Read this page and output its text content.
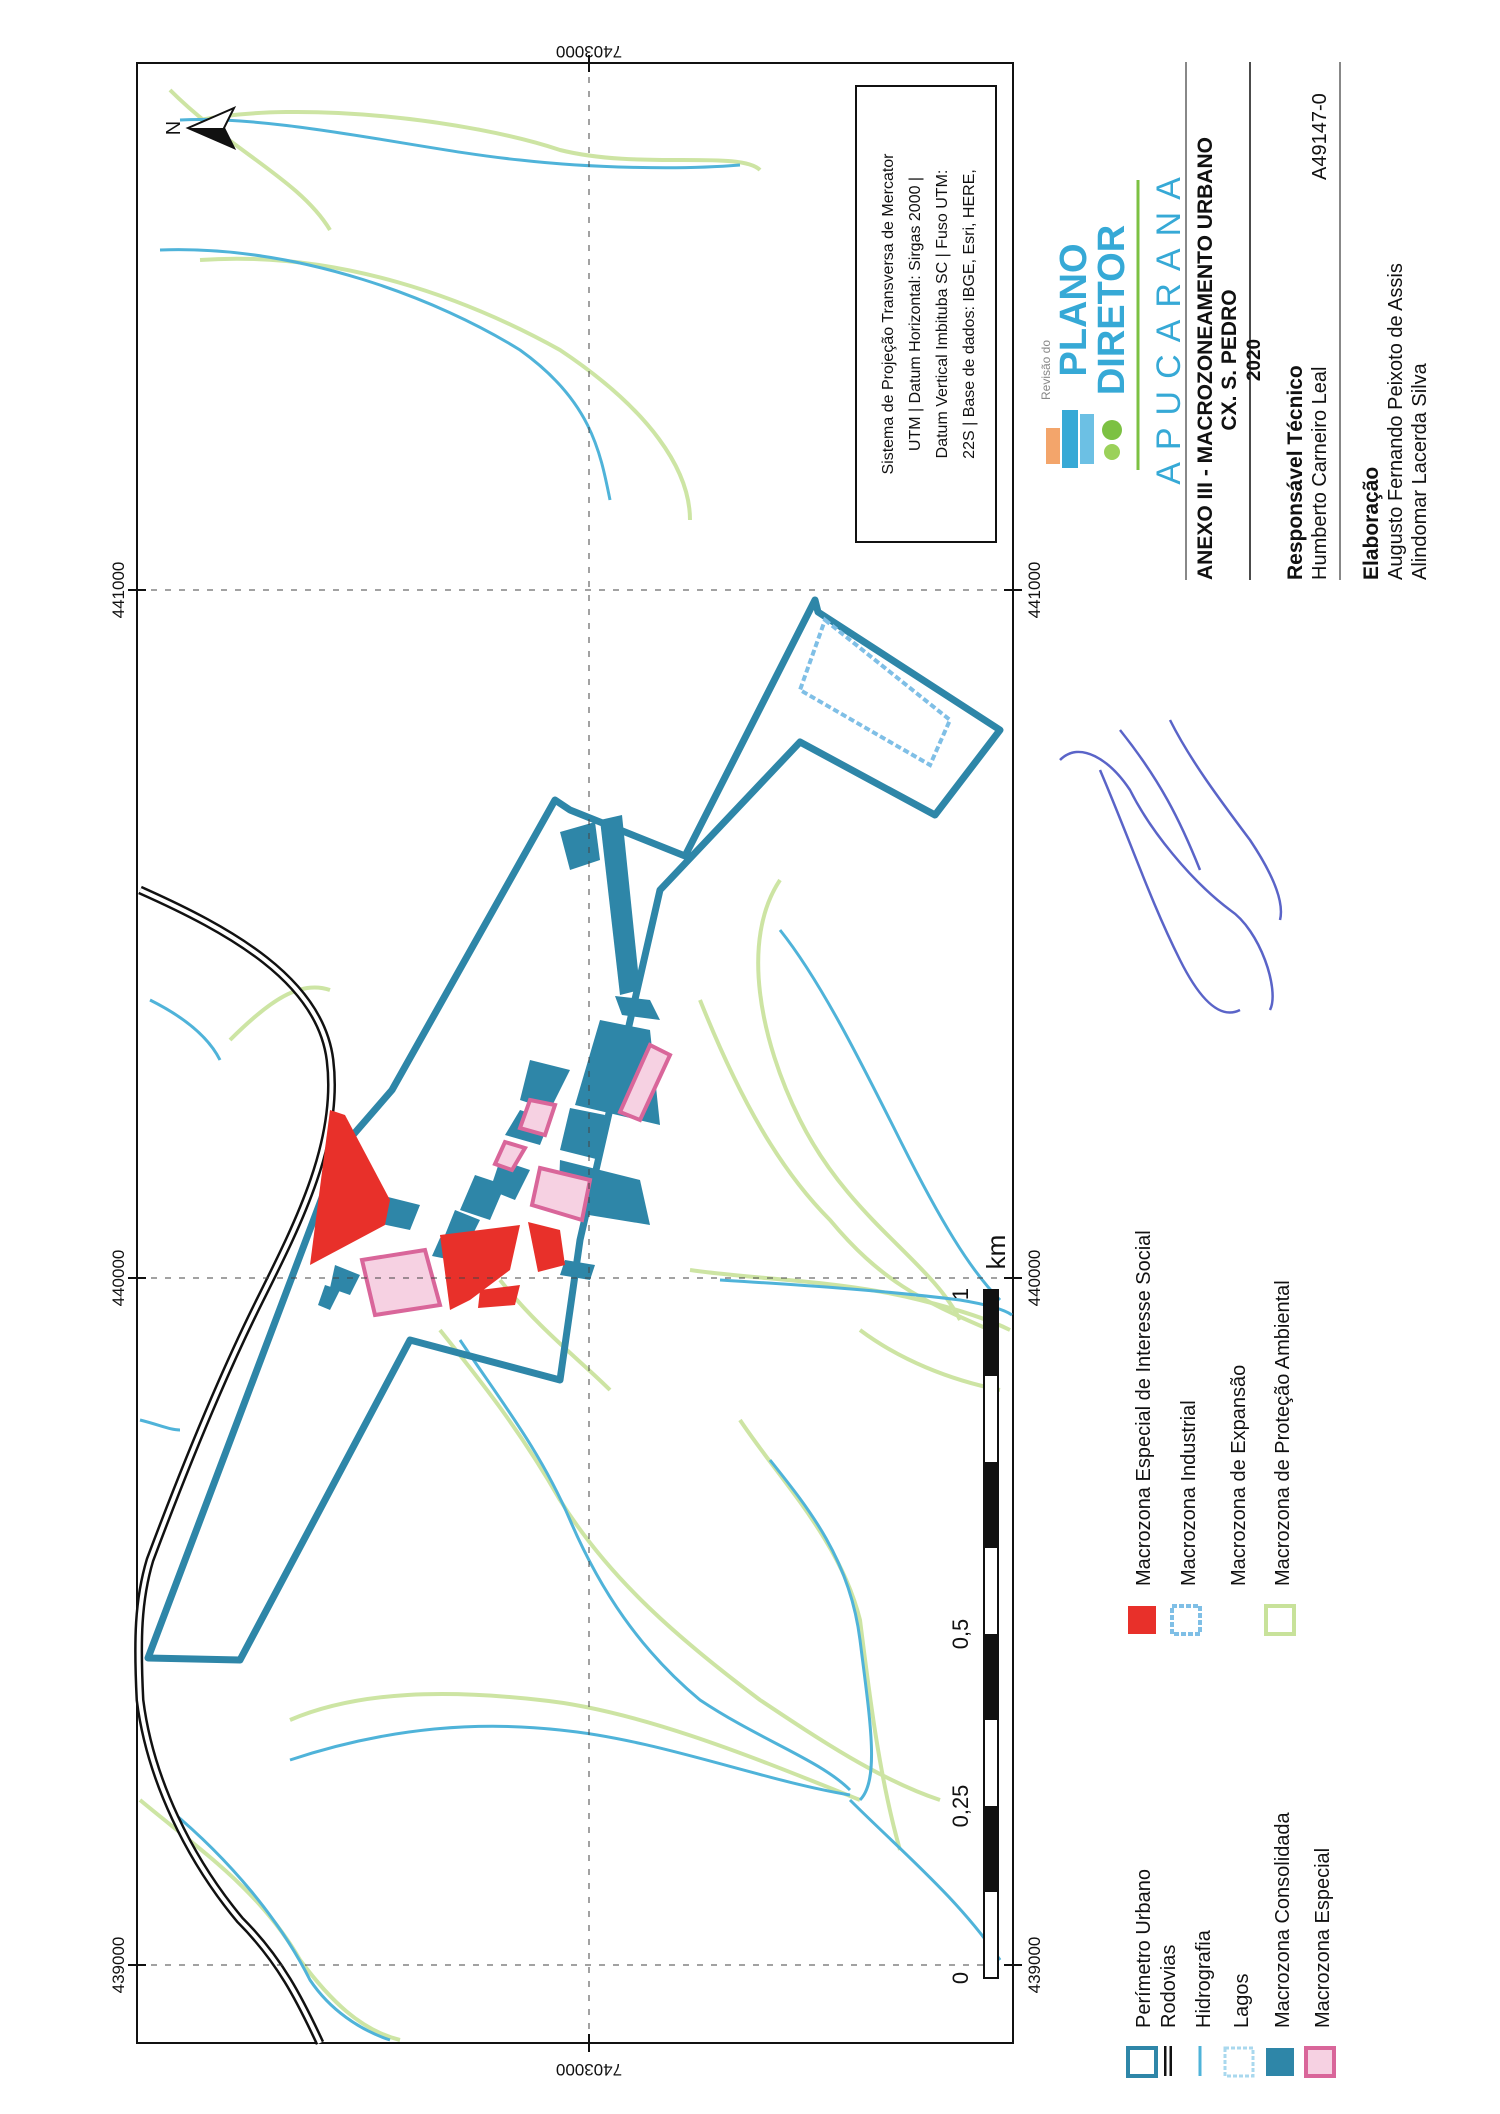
441000
440000
439000
441000
440000
439000
7403000
7403000
N
Sistema de Projeção Transversa de Mercator UTM | Datum Horizontal: Sirgas 2000 | Datum Vertical Imbituba SC | Fuso UTM: 22S | Base de dados: IBGE, Esri, HERE,
0
0,25
0,5
1
km
Perímetro Urbano Rodovias Hidrografia Lagos Macrozona Consolidada Macrozona Especial
Macrozona Especial de Interesse Social Macrozona Industrial Macrozona de Expansão Macrozona de Proteção Ambiental
Revisão do PLANO
DIRETOR APUCARANA ANEXO III - MACROZONEAMENTO URBANO CX. S. PEDRO 2020
Responsável Técnico Humberto Carneiro Leal
A49147-0
Elaboração Augusto Fernando Peixoto de Assis Alindomar Lacerda Silva
